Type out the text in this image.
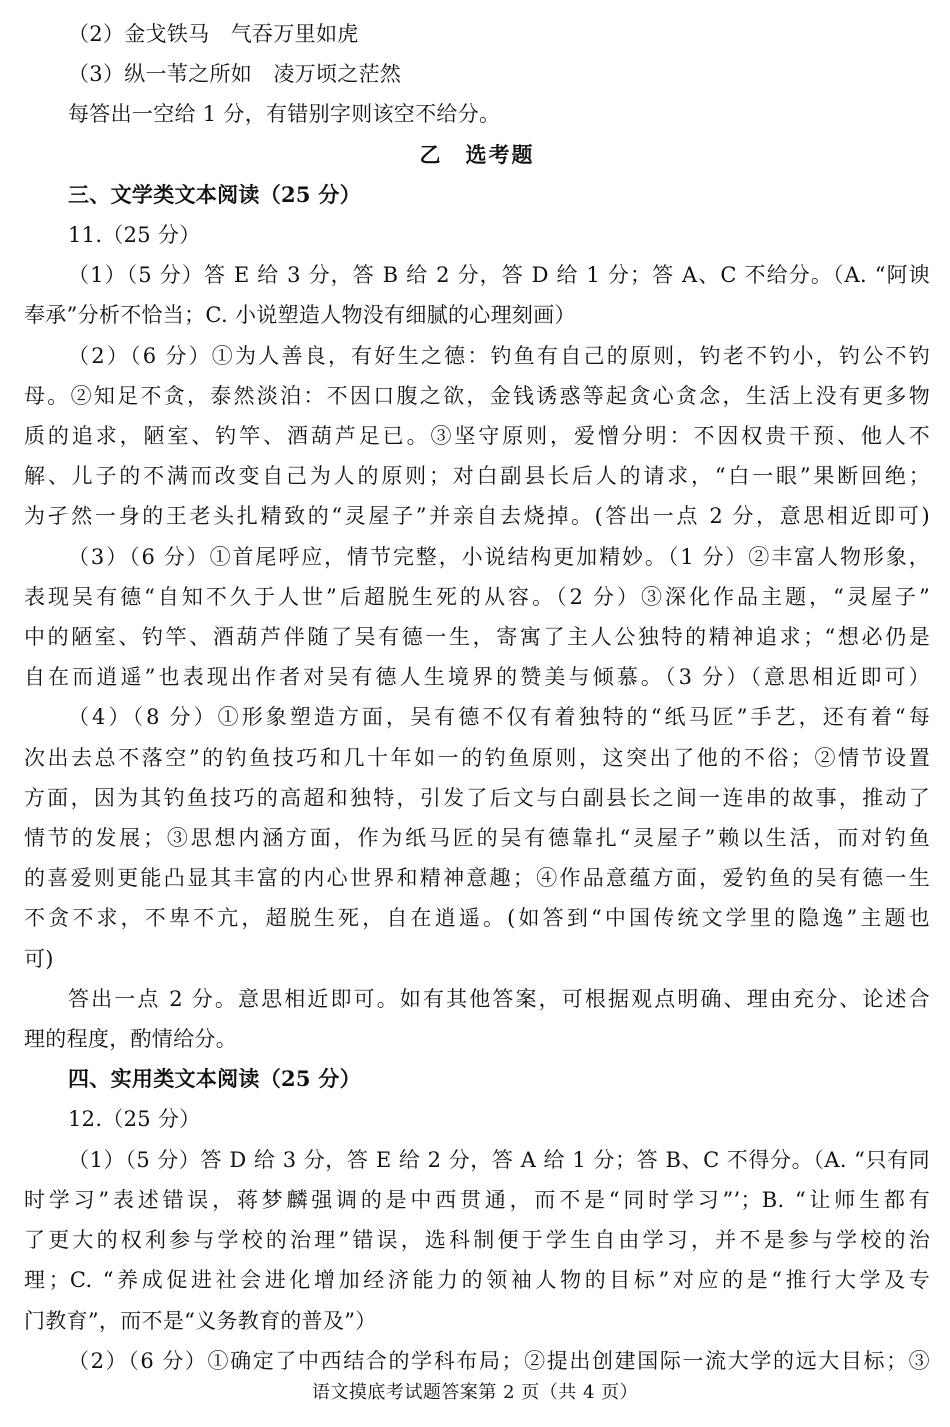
（2）金戈铁马　气吞万里如虎
（3）纵一苇之所如　凌万顷之茫然
每答出一空给 1 分，有错别字则该空不给分。
乙　选考题
三、文学类文本阅读（25 分）
11.（25 分）
（1）（5 分）答 E 给 3 分，答 B 给 2 分，答 D 给 1 分；答 A、C 不给分。（A. “阿谀
奉承”分析不恰当；C. 小说塑造人物没有细腻的心理刻画）
（2）（6 分）①为人善良，有好生之德：钓鱼有自己的原则，钓老不钓小，钓公不钓
母。②知足不贪，泰然淡泊：不因口腹之欲，金钱诱惑等起贪心贪念，生活上没有更多物
质的追求，陋室、钓竿、酒葫芦足已。③坚守原则，爱憎分明：不因权贵干预、他人不
解、儿子的不满而改变自己为人的原则；对白副县长后人的请求，“白一眼”果断回绝；
为孑然一身的王老头扎精致的“灵屋子”并亲自去烧掉。(答出一点 2 分，意思相近即可)
（3）（6 分）①首尾呼应，情节完整，小说结构更加精妙。（1 分）②丰富人物形象，
表现吴有德“自知不久于人世”后超脱生死的从容。（2 分）③深化作品主题，“灵屋子”
中的陋室、钓竿、酒葫芦伴随了吴有德一生，寄寓了主人公独特的精神追求；“想必仍是
自在而逍遥”也表现出作者对吴有德人生境界的赞美与倾慕。（3 分）（意思相近即可）
（4）（8 分）①形象塑造方面，吴有德不仅有着独特的“纸马匠”手艺，还有着“每
次出去总不落空”的钓鱼技巧和几十年如一的钓鱼原则，这突出了他的不俗；②情节设置
方面，因为其钓鱼技巧的高超和独特，引发了后文与白副县长之间一连串的故事，推动了
情节的发展；③思想内涵方面，作为纸马匠的吴有德靠扎“灵屋子”赖以生活，而对钓鱼
的喜爱则更能凸显其丰富的内心世界和精神意趣；④作品意蕴方面，爱钓鱼的吴有德一生
不贪不求，不卑不亢，超脱生死，自在逍遥。(如答到“中国传统文学里的隐逸”主题也
可)
答出一点 2 分。意思相近即可。如有其他答案，可根据观点明确、理由充分、论述合
理的程度，酌情给分。
四、实用类文本阅读（25 分）
12.（25 分）
（1）（5 分）答 D 给 3 分，答 E 给 2 分，答 A 给 1 分；答 B、C 不得分。（A. “只有同
时学习”表述错误，蒋梦麟强调的是中西贯通，而不是“同时学习”’；B. “让师生都有
了更大的权利参与学校的治理”错误，选科制便于学生自由学习，并不是参与学校的治
理；C. “养成促进社会进化增加经济能力的领袖人物的目标”对应的是“推行大学及专
门教育”，而不是“义务教育的普及”）
（2）（6 分）①确定了中西结合的学科布局；②提出创建国际一流大学的远大目标；③
语文摸底考试题答案第 2 页（共 4 页）
